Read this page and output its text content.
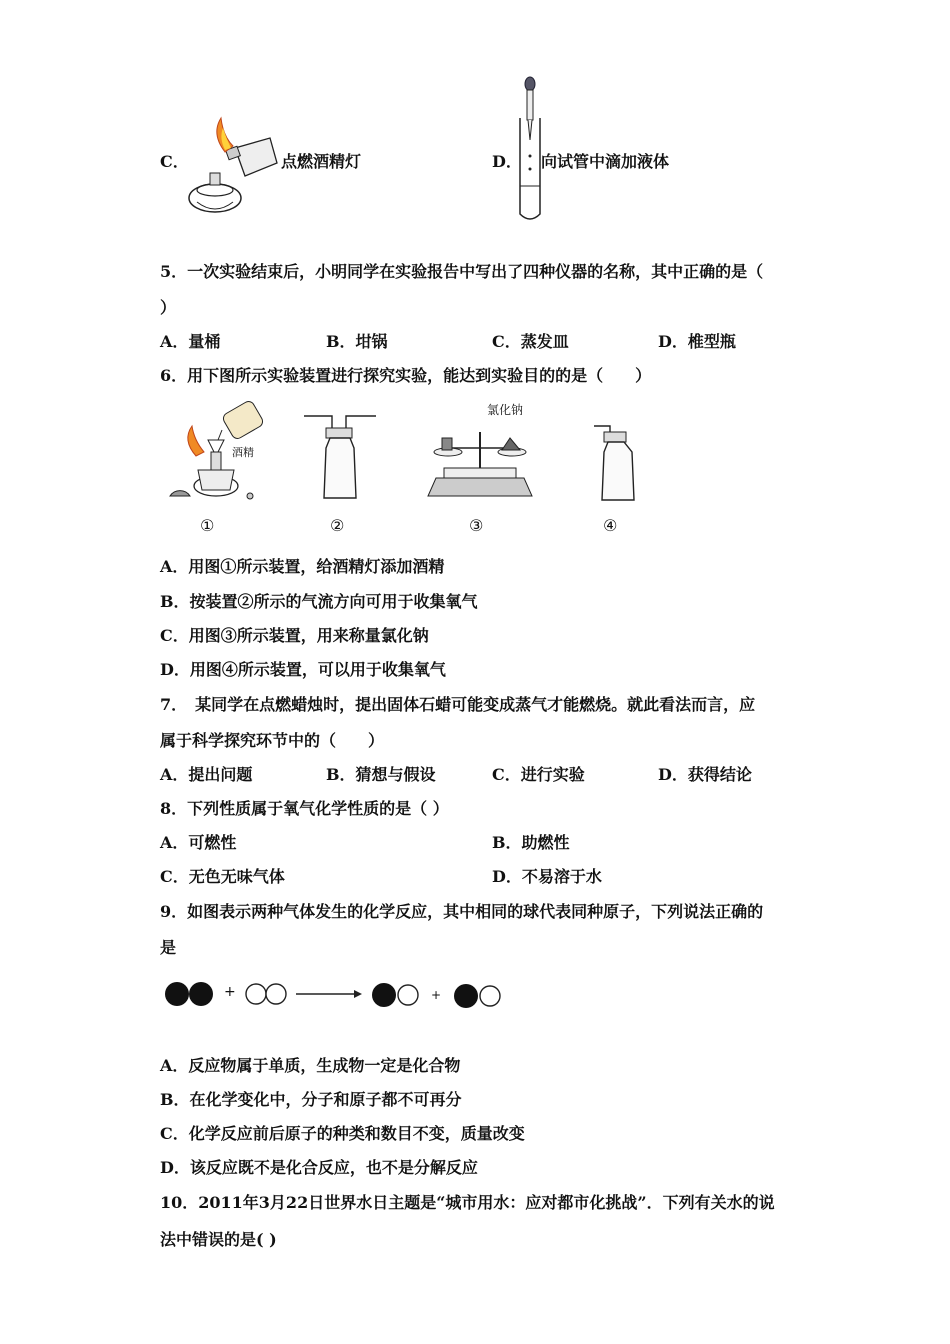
C．	点燃酒精灯	D． 向试管中滴加液体
5．一次实验结束后，小明同学在实验报告中写出了四种仪器的名称，其中正确的是（
）
A．量桶	B．坩锅	C．蒸发皿	D．椎型瓶
6．用下图所示实验装置进行探究实验，能达到实验目的的是（　　）
酒精
氯化钠
①	②	③	④
A．用图①所示装置，给酒精灯添加酒精
B．按装置②所示的气流方向可用于收集氧气
C．用图③所示装置，用来称量氯化钠
D．用图④所示装置，可以用于收集氧气
7．　某同学在点燃蜡烛时，提出固体石蜡可能变成蒸气才能燃烧。就此看法而言，应
属于科学探究环节中的（　　）
A．提出问题	B．猜想与假设	C．进行实验	D．获得结论
8．下列性质属于氧气化学性质的是（ ）
A．可燃性	B．助燃性
C．无色无味气体	D．不易溶于水
9．如图表示两种气体发生的化学反应，其中相同的球代表同种原子，下列说法正确的
是
+	+
A．反应物属于单质，生成物一定是化合物
B．在化学变化中，分子和原子都不可再分
C．化学反应前后原子的种类和数目不变，质量改变
D．该反应既不是化合反应，也不是分解反应
10．2011年3月22日世界水日主题是“城市用水：应对都市化挑战”．下列有关水的说
法中错误的是( )
